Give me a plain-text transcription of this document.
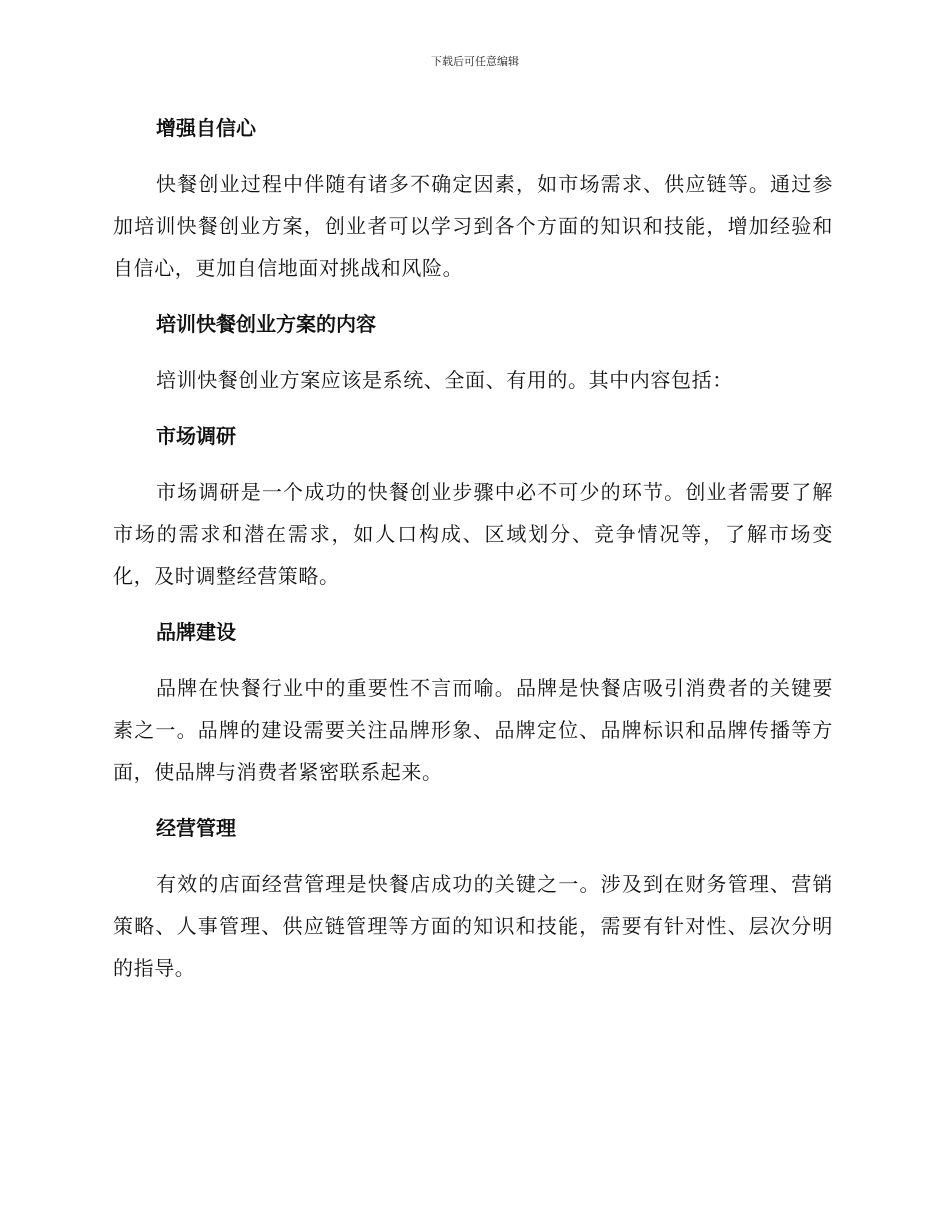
下载后可任意编辑
增强自信心

快餐创业过程中伴随有诸多不确定因素，如市场需求、供应链等。通过参加培训快餐创业方案，创业者可以学习到各个方面的知识和技能，增加经验和自信心，更加自信地面对挑战和风险。

培训快餐创业方案的内容

培训快餐创业方案应该是系统、全面、有用的。其中内容包括：

市场调研

市场调研是一个成功的快餐创业步骤中必不可少的环节。创业者需要了解市场的需求和潜在需求，如人口构成、区域划分、竞争情况等，了解市场变化，及时调整经营策略。

品牌建设

品牌在快餐行业中的重要性不言而喻。品牌是快餐店吸引消费者的关键要素之一。品牌的建设需要关注品牌形象、品牌定位、品牌标识和品牌传播等方面，使品牌与消费者紧密联系起来。

经营管理

有效的店面经营管理是快餐店成功的关键之一。涉及到在财务管理、营销策略、人事管理、供应链管理等方面的知识和技能，需要有针对性、层次分明的指导。
